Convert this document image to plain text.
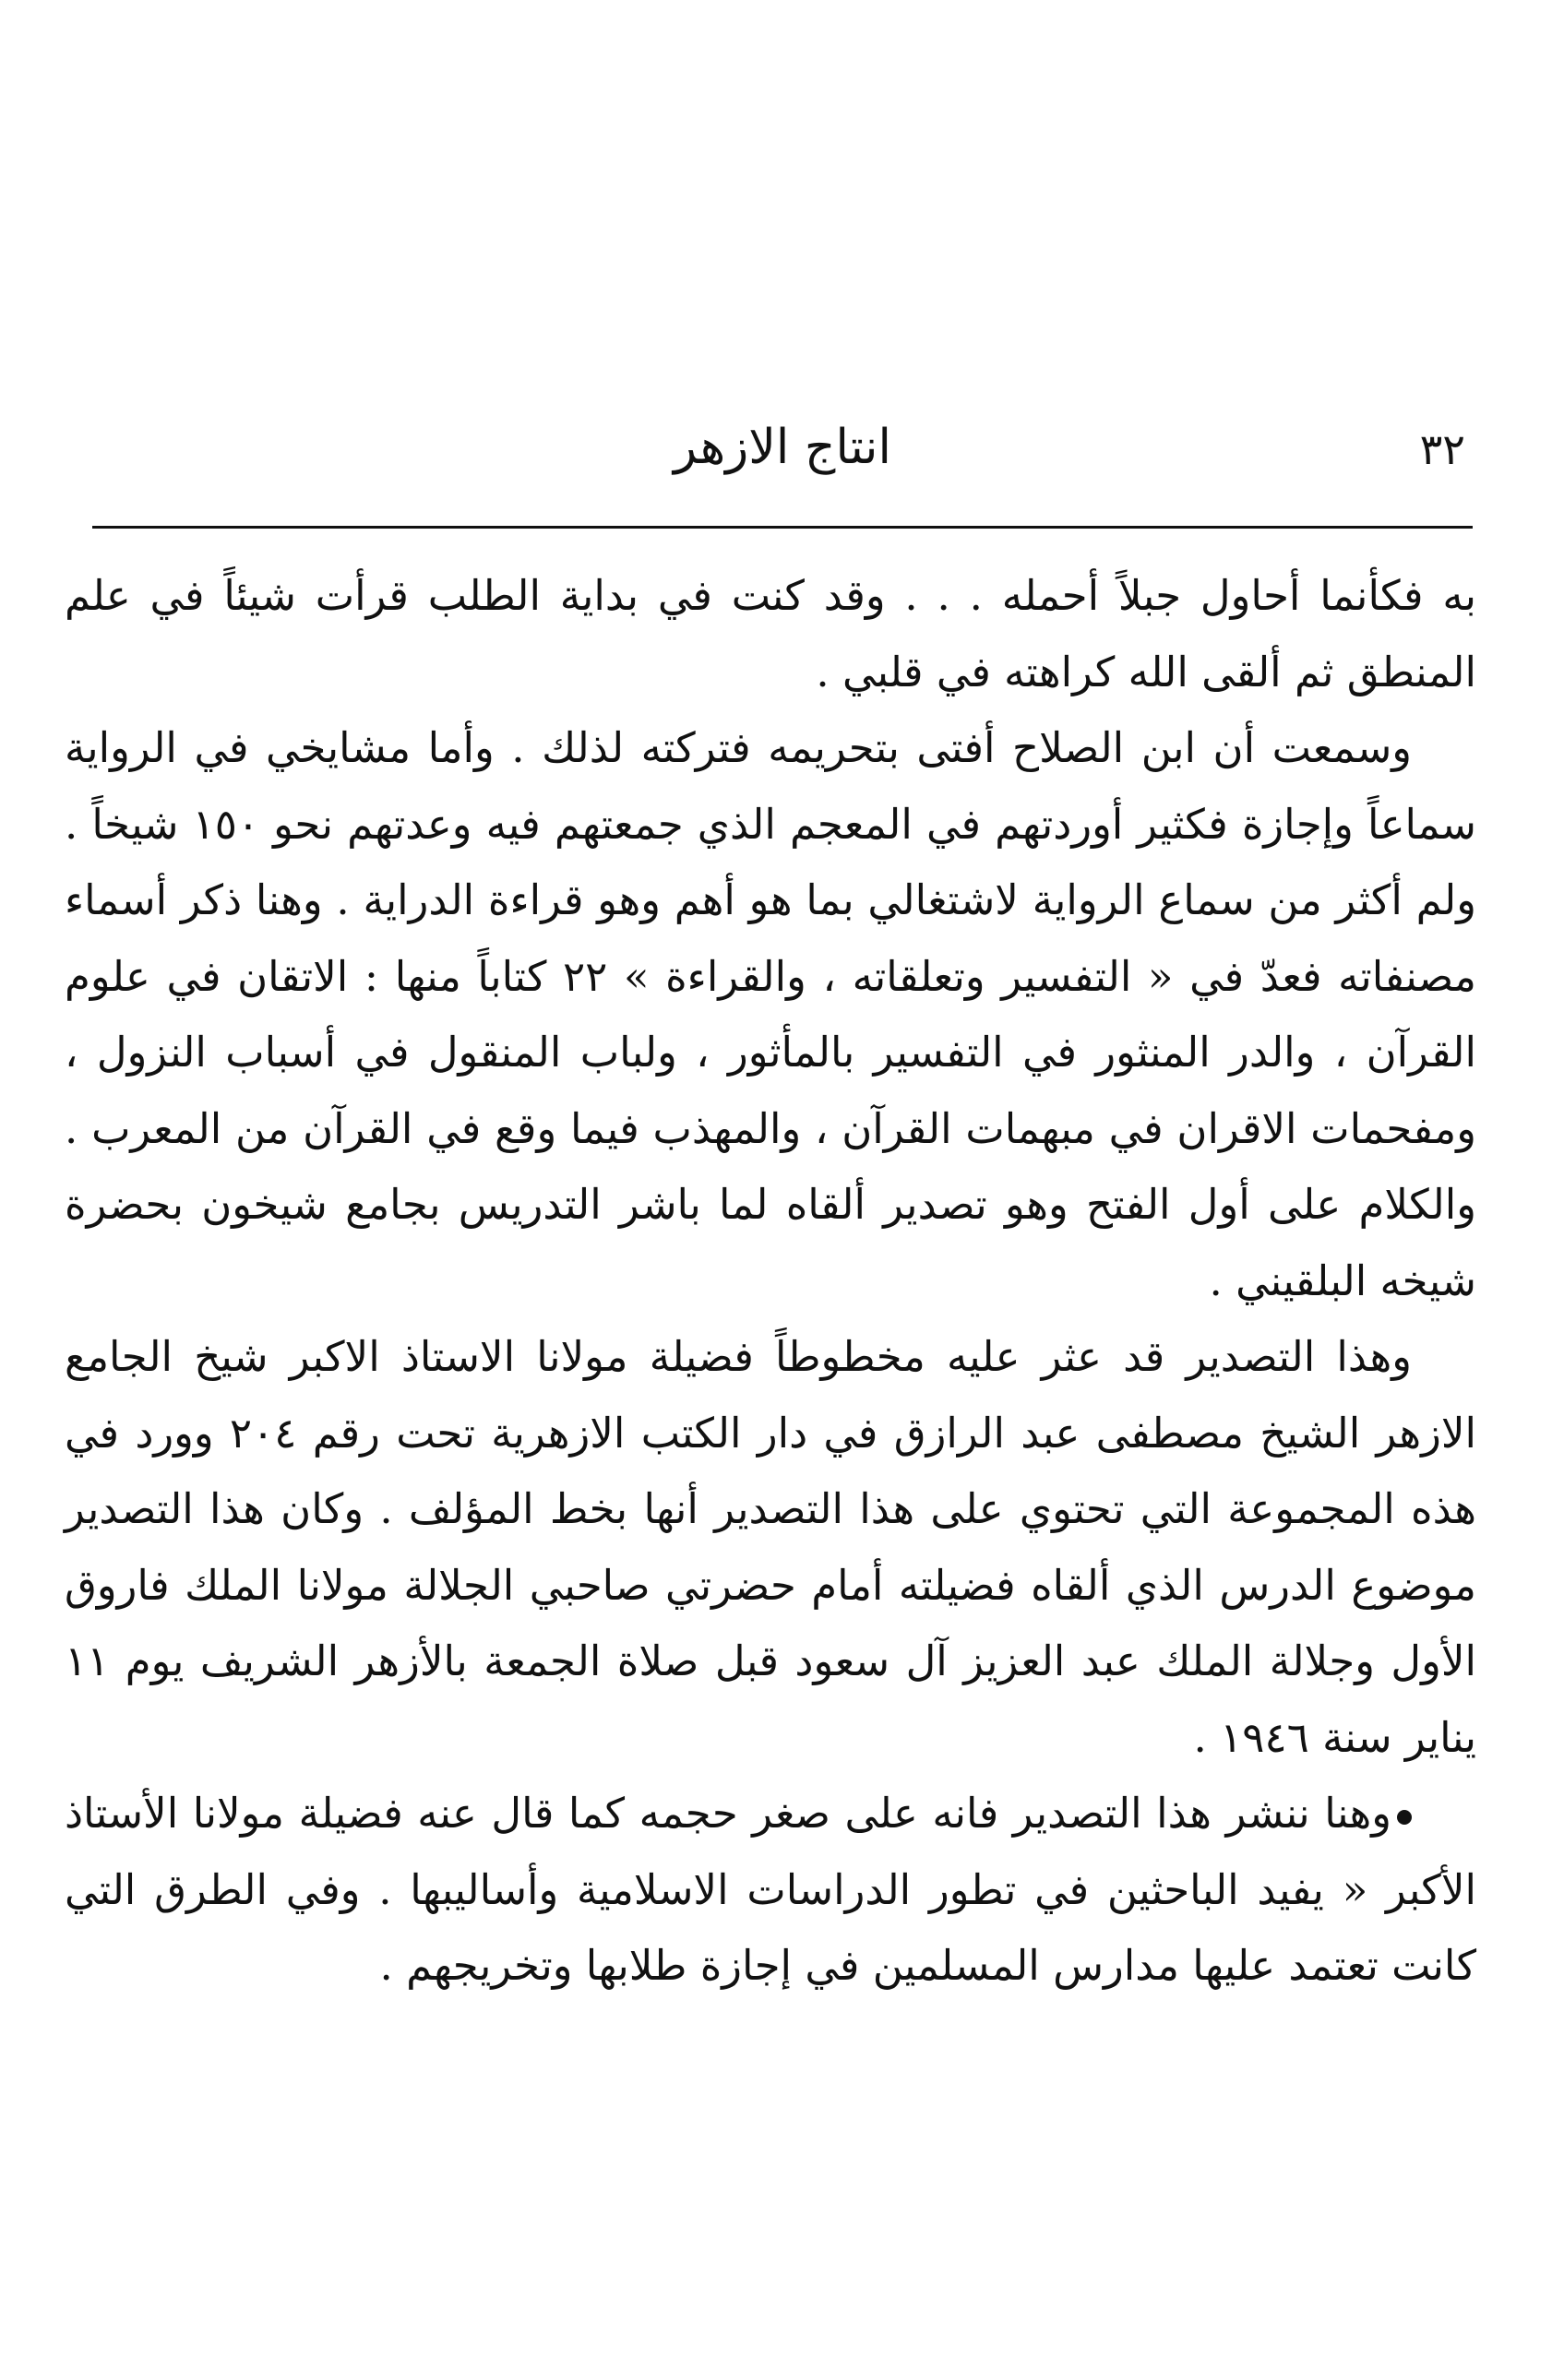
٣٢
انتاج الازهر

به فكأنما أحاول جبلاً أحمله . . . وقد كنت في بداية الطلب قرأت شيئاً في علم المنطق ثم ألقى الله كراهته في قلبي .

وسمعت أن ابن الصلاح أفتى بتحريمه فتركته لذلك . وأما مشايخي في الرواية سماعاً وإجازة فكثير أوردتهم في المعجم الذي جمعتهم فيه وعدتهم نحو ١٥٠ شيخاً . ولم أكثر من سماع الرواية لاشتغالي بما هو أهم وهو قراءة الدراية . وهنا ذكر أسماء مصنفاته فعدّ في « التفسير وتعلقاته ، والقراءة » ٢٢ كتاباً منها : الاتقان في علوم القرآن ، والدر المنثور في التفسير بالمأثور ، ولباب المنقول في أسباب النزول ، ومفحمات الاقران في مبهمات القرآن ، والمهذب فيما وقع في القرآن من المعرب . والكلام على أول الفتح وهو تصدير ألقاه لما باشر التدريس بجامع شيخون بحضرة شيخه البلقيني .

وهذا التصدير قد عثر عليه مخطوطاً فضيلة مولانا الاستاذ الاكبر شيخ الجامع الازهر الشيخ مصطفى عبد الرازق في دار الكتب الازهرية تحت رقم ٢٠٤ وورد في هذه المجموعة التي تحتوي على هذا التصدير أنها بخط المؤلف . وكان هذا التصدير موضوع الدرس الذي ألقاه فضيلته أمام حضرتي صاحبي الجلالة مولانا الملك فاروق الأول وجلالة الملك عبد العزيز آل سعود قبل صلاة الجمعة بالأزهر الشريف يوم ١١ يناير سنة ١٩٤٦ .

وهنا ننشر هذا التصدير فانه على صغر حجمه كما قال عنه فضيلة مولانا الأستاذ الأكبر « يفيد الباحثين في تطور الدراسات الاسلامية وأساليبها . وفي الطرق التي كانت تعتمد عليها مدارس المسلمين في إجازة طلابها وتخريجهم .
